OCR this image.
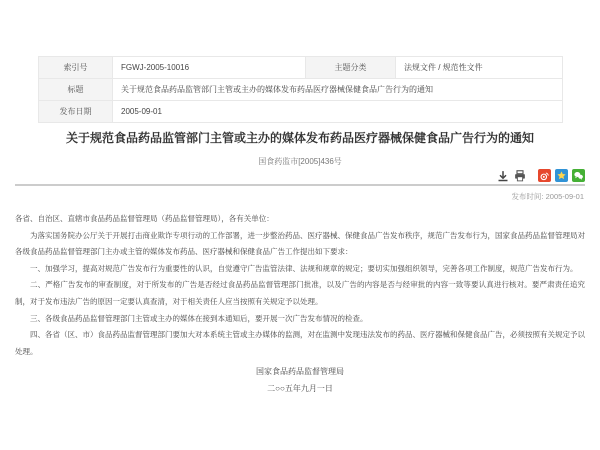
索引号	FGWJ-2005-10016	主题分类	法规文件 / 规范性文件
标题	关于规范食品药品监管部门主管或主办的媒体发布药品医疗器械保健食品广告行为的通知		
发布日期	2005-09-01		
关于规范食品药品监管部门主管或主办的媒体发布药品医疗器械保健食品广告行为的通知
国食药监市[2005]436号
发布时间: 2005-09-01

各省、自治区、直辖市食品药品监督管理局（药品监督管理局），各有关单位：

为落实国务院办公厅关于开展打击商业欺诈专项行动的工作部署，进一步整治药品、医疗器械、保健食品广告发布秩序，规范广告发布行为，国家食品药品监督管理局对各级食品药品监督管理部门主办或主管的媒体发布药品、医疗器械和保健食品广告工作提出如下要求：

一、加强学习，提高对规范广告发布行为重要性的认识，自觉遵守广告监管法律、法规和规章的规定；要切实加强组织领导，完善各项工作制度，规范广告发布行为。

二、严格广告发布的审查制度，对于所发布的广告是否经过食品药品监督管理部门批准，以及广告的内容是否与经审批的内容一致等要认真进行核对。要严肃责任追究制，对于发布违法广告的原因一定要认真查清，对于相关责任人应当按照有关规定予以处理。

三、各级食品药品监督管理部门主管或主办的媒体在接到本通知后，要开展一次广告发布情况的检查。

四、各省（区、市）食品药品监督管理部门要加大对本系统主管或主办媒体的监测，对在监测中发现违法发布的药品、医疗器械和保健食品广告，必须按照有关规定予以处理。

国家食品药品监督管理局
二○○五年九月一日
